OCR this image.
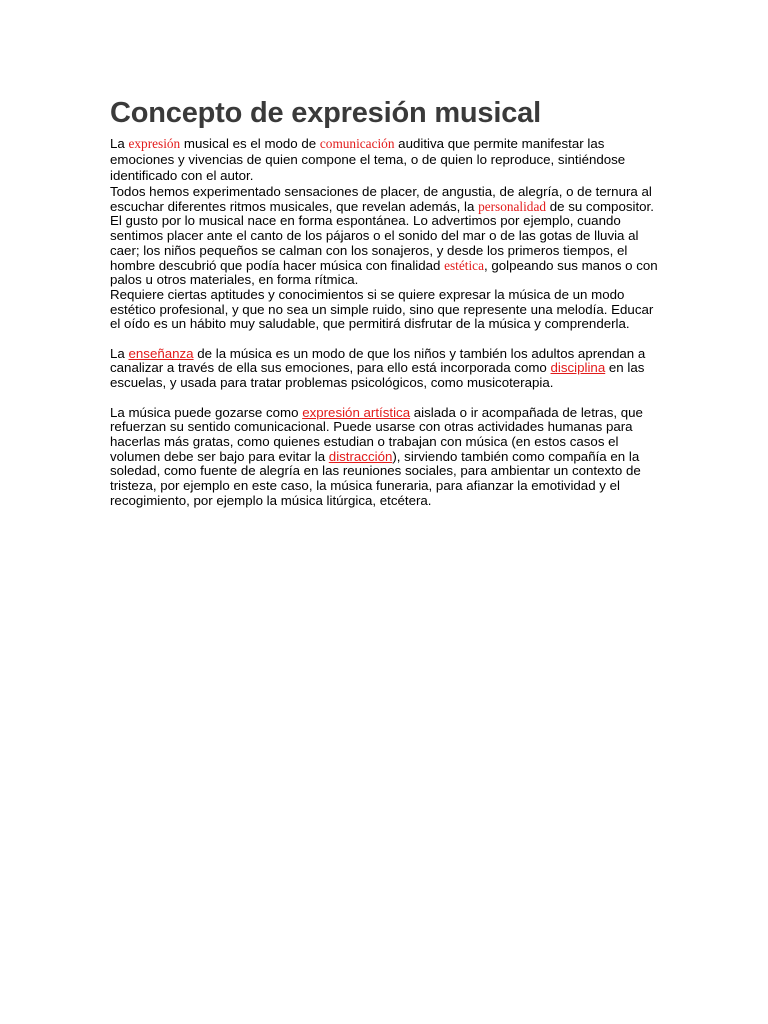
Concepto de expresión musical

La expresión musical es el modo de comunicación auditiva que permite manifestar las emociones y vivencias de quien compone el tema, o de quien lo reproduce, sintiéndose identificado con el autor.

Todos hemos experimentado sensaciones de placer, de angustia, de alegría, o de ternura al escuchar diferentes ritmos musicales, que revelan además, la personalidad de su compositor.

El gusto por lo musical nace en forma espontánea. Lo advertimos por ejemplo, cuando sentimos placer ante el canto de los pájaros o el sonido del mar o de las gotas de lluvia al caer; los niños pequeños se calman con los sonajeros, y desde los primeros tiempos, el hombre descubrió que podía hacer música con finalidad estética, golpeando sus manos o con palos u otros materiales, en forma rítmica.

Requiere ciertas aptitudes y conocimientos si se quiere expresar la música de un modo estético profesional, y que no sea un simple ruido, sino que represente una melodía. Educar el oído es un hábito muy saludable, que permitirá disfrutar de la música y comprenderla.

La enseñanza de la música es un modo de que los niños y también los adultos aprendan a canalizar a través de ella sus emociones, para ello está incorporada como disciplina en las escuelas, y usada para tratar problemas psicológicos, como musicoterapia.

La música puede gozarse como expresión artística aislada o ir acompañada de letras, que refuerzan su sentido comunicacional. Puede usarse con otras actividades humanas para hacerlas más gratas, como quienes estudian o trabajan con música (en estos casos el volumen debe ser bajo para evitar la distracción), sirviendo también como compañía en la soledad, como fuente de alegría en las reuniones sociales, para ambientar un contexto de tristeza, por ejemplo en este caso, la música funeraria, para afianzar la emotividad y el recogimiento, por ejemplo la música litúrgica, etcétera.
